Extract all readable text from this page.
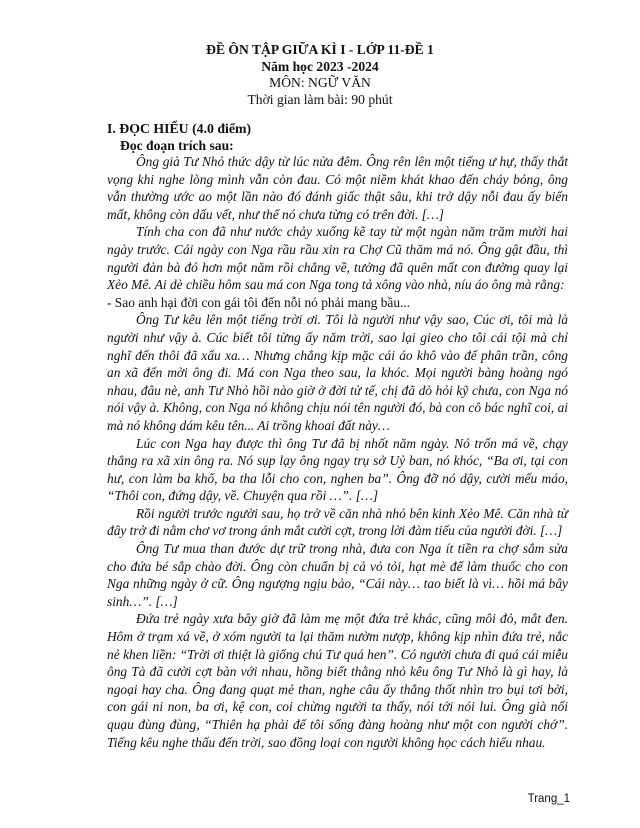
ĐỀ ÔN TẬP GIỮA KÌ I - LỚP 11-ĐỀ 1
Năm học 2023 -2024
MÔN: NGỮ VĂN
Thời gian làm bài: 90 phút
I. ĐỌC HIỂU (4.0 điểm)
Đọc đoạn trích sau:

Ông già Tư Nhỏ thức dậy từ lúc nửa đêm. Ông rên lên một tiếng ư hự, thấy thắt vọng khi nghe lòng mình vẫn còn đau. Có một niềm khát khao đến cháy bỏng, ông vẫn thường ước ao một lần nào đó đánh giấc thật sâu, khi trở dậy nỗi đau ấy biến mất, không còn dấu vết, như thể nó chưa từng có trên đời. […]

Tính cha con đã như nước chảy xuống kẽ tay từ một ngàn năm trăm mười hai ngày trước. Cái ngày con Nga rầu rầu xin ra Chợ Cũ thăm má nó. Ông gật đầu, thì người đàn bà đó hơn một năm rồi chẳng về, tưởng đã quên mất con đường quay lại Xẻo Mê. Ai dè chiều hôm sau má con Nga tong tả xông vào nhà, níu áo ông mà rằng:

- Sao anh hại đời con gái tôi đến nỗi nó phải mang bầu...

Ông Tư kêu lên một tiếng trời ơi. Tôi là người như vậy sao, Cúc ơi, tôi mà là người như vậy à. Cúc biết tôi từng ấy năm trời, sao lại gieo cho tôi cái tội mà chỉ nghĩ đến thôi đã xấu xa… Nhưng chẳng kịp mặc cái áo khô vào để phân trần, công an xã đến mời ông đi. Má con Nga theo sau, la khóc. Mọi người bàng hoàng ngó nhau, đâu nè, anh Tư Nhỏ hồi nào giờ ở đời tử tế, chị đã dò hỏi kỹ chưa, con Nga nó nói vậy à. Không, con Nga nó không chịu nói tên người đó, bà con cô bác nghĩ coi, ai mà nó không dám kêu tên... Ai trồng khoai đất này…

Lúc con Nga hay được thì ông Tư đã bị nhốt năm ngày. Nó trốn má về, chạy thẳng ra xã xin ông ra. Nó sụp lạy ông ngay trụ sở Uỷ ban, nó khóc, “Ba ơi, tại con hư, con làm ba khổ, ba tha lỗi cho con, nghen ba”. Ông đỡ nó dậy, cười mếu máo, “Thôi con, đứng dậy, về. Chuyện qua rồi …”. […]

Rồi người trước người sau, họ trở về căn nhà nhỏ bên kinh Xẻo Mê. Căn nhà từ đây trở đi nằm chơ vơ trong ánh mắt cười cợt, trong lời đàm tiếu của người đời. […]

Ông Tư mua than đước dự trữ trong nhà, đưa con Nga ít tiền ra chợ sắm sửa cho đứa bé sắp chào đời. Ông còn chuẩn bị cả vỏ tỏi, hạt mè để làm thuốc cho con Nga những ngày ở cữ. Ông ngượng ngịu bảo, “Cái này… tao biết là vì… hồi má bây sinh…”. […]

Đứa trẻ ngày xưa bây giờ đã làm mẹ một đứa trẻ khác, cũng môi đỏ, mắt đen. Hôm ở trạm xá về, ở xóm người ta lại thăm nườm nượp, không kịp nhìn đứa trẻ, nắc nẻ khen liền: “Trời ơi thiệt là giống chú Tư quá hen”. Có người chưa đi quá cái miễu ông Tà đã cười cợt bàn với nhau, hồng biết thằng nhỏ kêu ông Tư Nhỏ là gì hay, là ngoại hay cha. Ông đang quạt mẻ than, nghe câu ấy thẳng thốt nhìn tro bụi tơi bời, con gái ni non, ba ơi, kệ con, coi chừng người ta thấy, nói tới nói lui. Ông già nối quạu đùng đùng, “Thiên hạ phải để tôi sống đàng hoàng như một con người chớ”. Tiếng kêu nghe thấu đến trời, sao đồng loại con người không học cách hiểu nhau.

Trang_1
